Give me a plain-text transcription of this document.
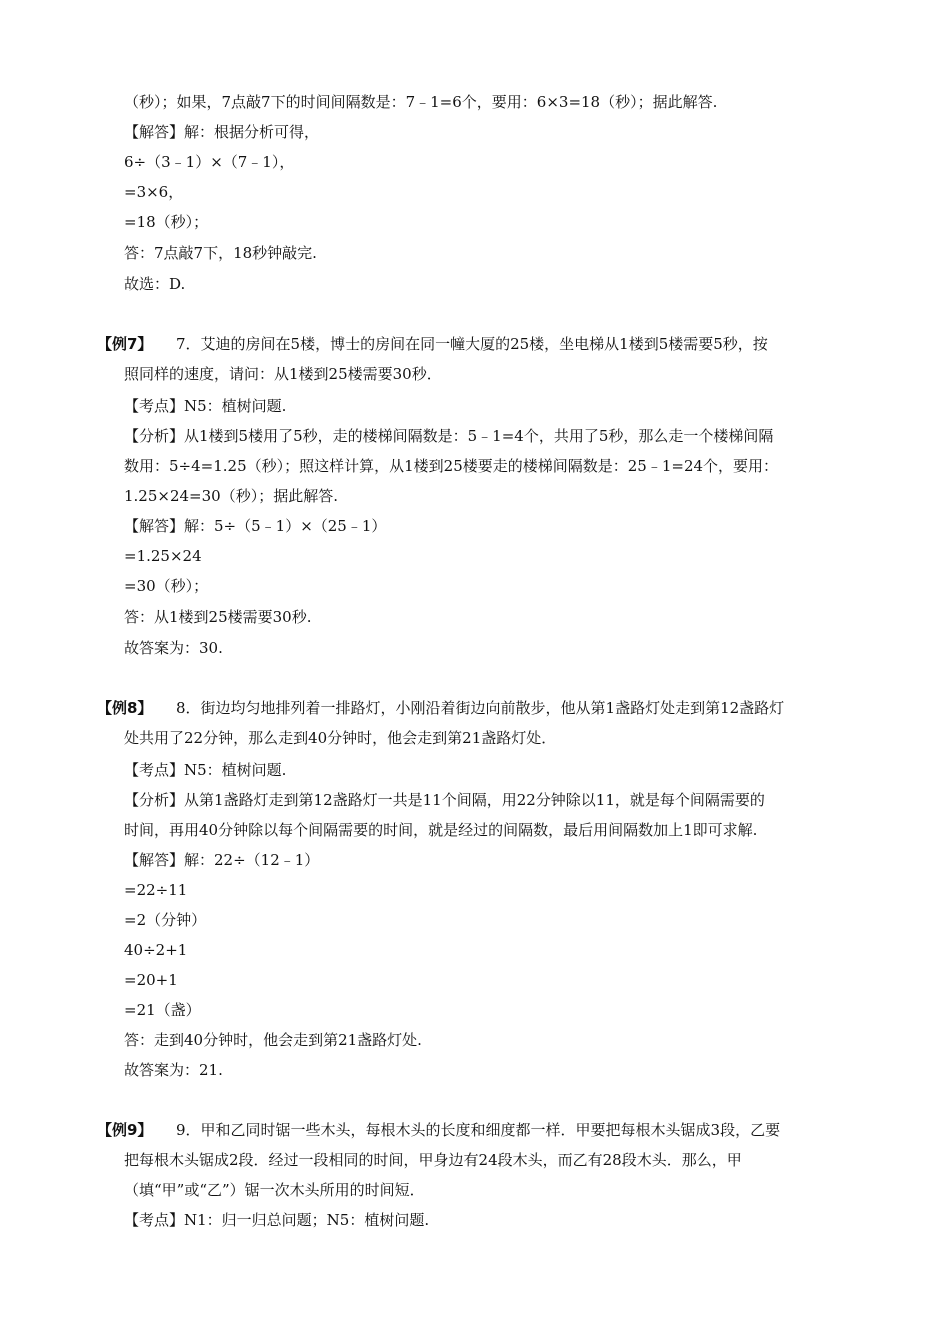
（秒）；如果，7点敲7下的时间间隔数是：7﹣1=6个，要用：6×3=18（秒）；据此解答.
【解答】解：根据分析可得，
6÷（3﹣1）×（7﹣1），
=3×6，
=18（秒）；
答：7点敲7下，18秒钟敲完.
故选：D.
【例7】 7．艾迪的房间在5楼，博士的房间在同一幢大厦的25楼，坐电梯从1楼到5楼需要5秒，按
照同样的速度，请问：从1楼到25楼需要30秒．
【考点】N5：植树问题.
【分析】从1楼到5楼用了5秒，走的楼梯间隔数是：5﹣1=4个，共用了5秒，那么走一个楼梯间隔
数用：5÷4=1.25（秒）；照这样计算，从1楼到25楼要走的楼梯间隔数是：25﹣1=24个，要用：
1.25×24=30（秒）；据此解答.
【解答】解：5÷（5﹣1）×（25﹣1）
=1.25×24
=30（秒）；
答：从1楼到25楼需要30秒.
故答案为：30.
【例8】 8．街边均匀地排列着一排路灯，小刚沿着街边向前散步，他从第1盏路灯处走到第12盏路灯
处共用了22分钟，那么走到40分钟时，他会走到第21盏路灯处．
【考点】N5：植树问题.
【分析】从第1盏路灯走到第12盏路灯一共是11个间隔，用22分钟除以11，就是每个间隔需要的
时间，再用40分钟除以每个间隔需要的时间，就是经过的间隔数，最后用间隔数加上1即可求解.
【解答】解：22÷（12﹣1）
=22÷11
=2（分钟）
40÷2+1
=20+1
=21（盏）
答：走到40分钟时，他会走到第21盏路灯处.
故答案为：21.
【例9】 9．甲和乙同时锯一些木头，每根木头的长度和细度都一样．甲要把每根木头锯成3段，乙要
把每根木头锯成2段．经过一段相同的时间，甲身边有24段木头，而乙有28段木头．那么，甲
（填“甲”或“乙”）锯一次木头所用的时间短．
【考点】N1：归一归总问题；N5：植树问题.
